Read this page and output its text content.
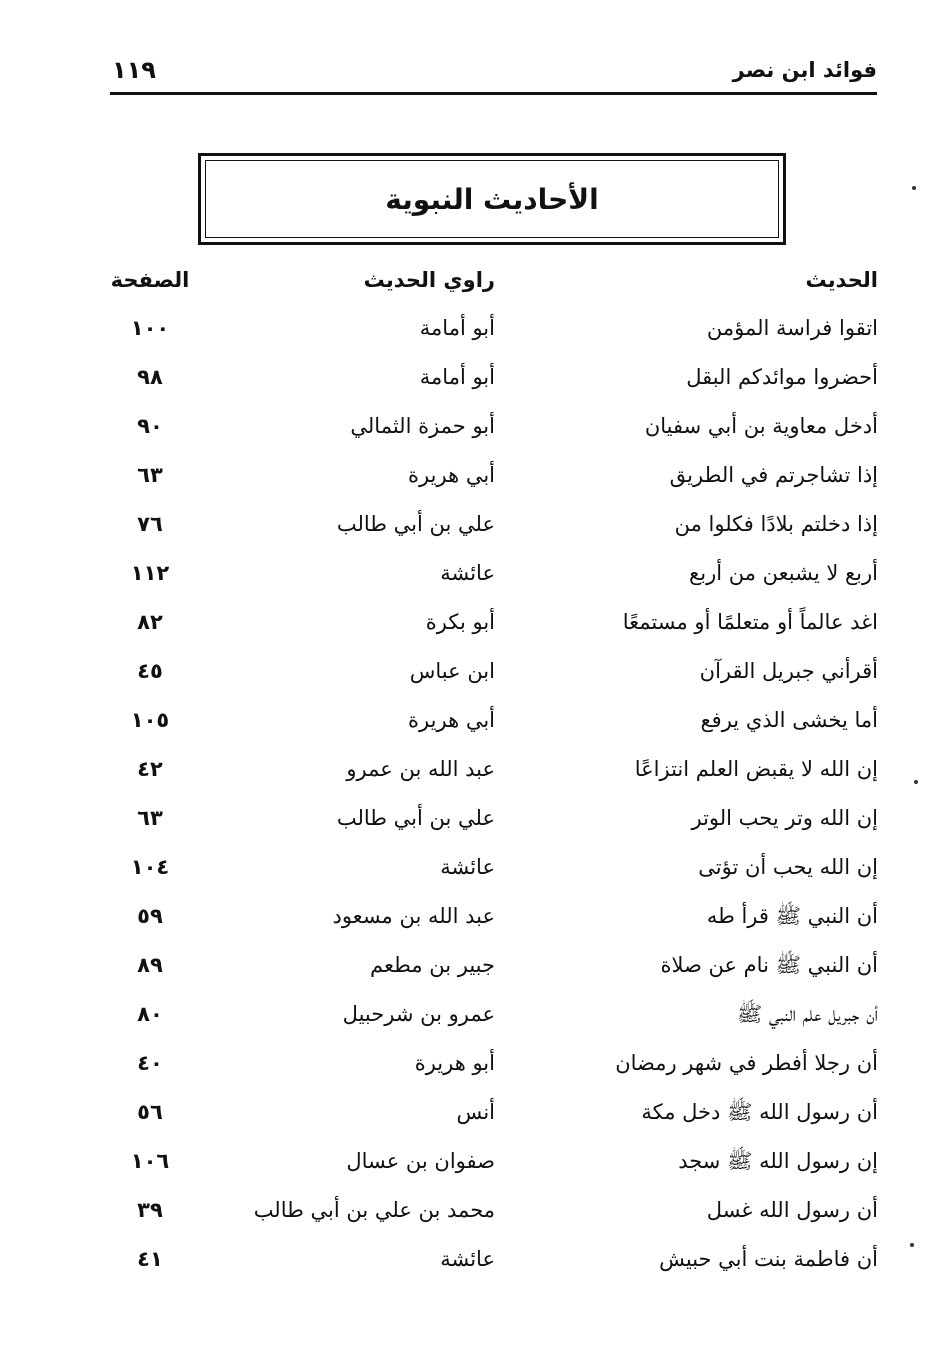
فوائد ابن نصر
١١٩
الأحاديث النبوية
الحديث
راوي الحديث
الصفحة
اتقوا فراسة المؤمن
أبو أمامة
١٠٠
أحضروا موائدكم البقل
أبو أمامة
٩٨
أدخل معاوية بن أبي سفيان
أبو حمزة الثمالي
٩٠
إذا تشاجرتم في الطريق
أبي هريرة
٦٣
إذا دخلتم بلادًا فكلوا من
علي بن أبي طالب
٧٦
أربع لا يشبعن من أربع
عائشة
١١٢
اغد عالماً أو متعلمًا أو مستمعًا
أبو بكرة
٨٢
أقرأني جبريل القرآن
ابن عباس
٤٥
أما يخشى الذي يرفع
أبي هريرة
١٠٥
إن الله لا يقبض العلم انتزاعًا
عبد الله بن عمرو
٤٢
إن الله وتر يحب الوتر
علي بن أبي طالب
٦٣
إن الله يحب أن تؤتى
عائشة
١٠٤
أن النبي ﷺ قرأ طه
عبد الله بن مسعود
٥٩
أن النبي ﷺ نام عن صلاة
جبير بن مطعم
٨٩
أن جبريل علم النبي ﷺ
عمرو بن شرحبيل
٨٠
أن رجلا أفطر في شهر رمضان
أبو هريرة
٤٠
أن رسول الله ﷺ دخل مكة
أنس
٥٦
إن رسول الله ﷺ سجد
صفوان بن عسال
١٠٦
أن رسول الله غسل
محمد بن علي بن أبي طالب
٣٩
أن فاطمة بنت أبي حبيش
عائشة
٤١
